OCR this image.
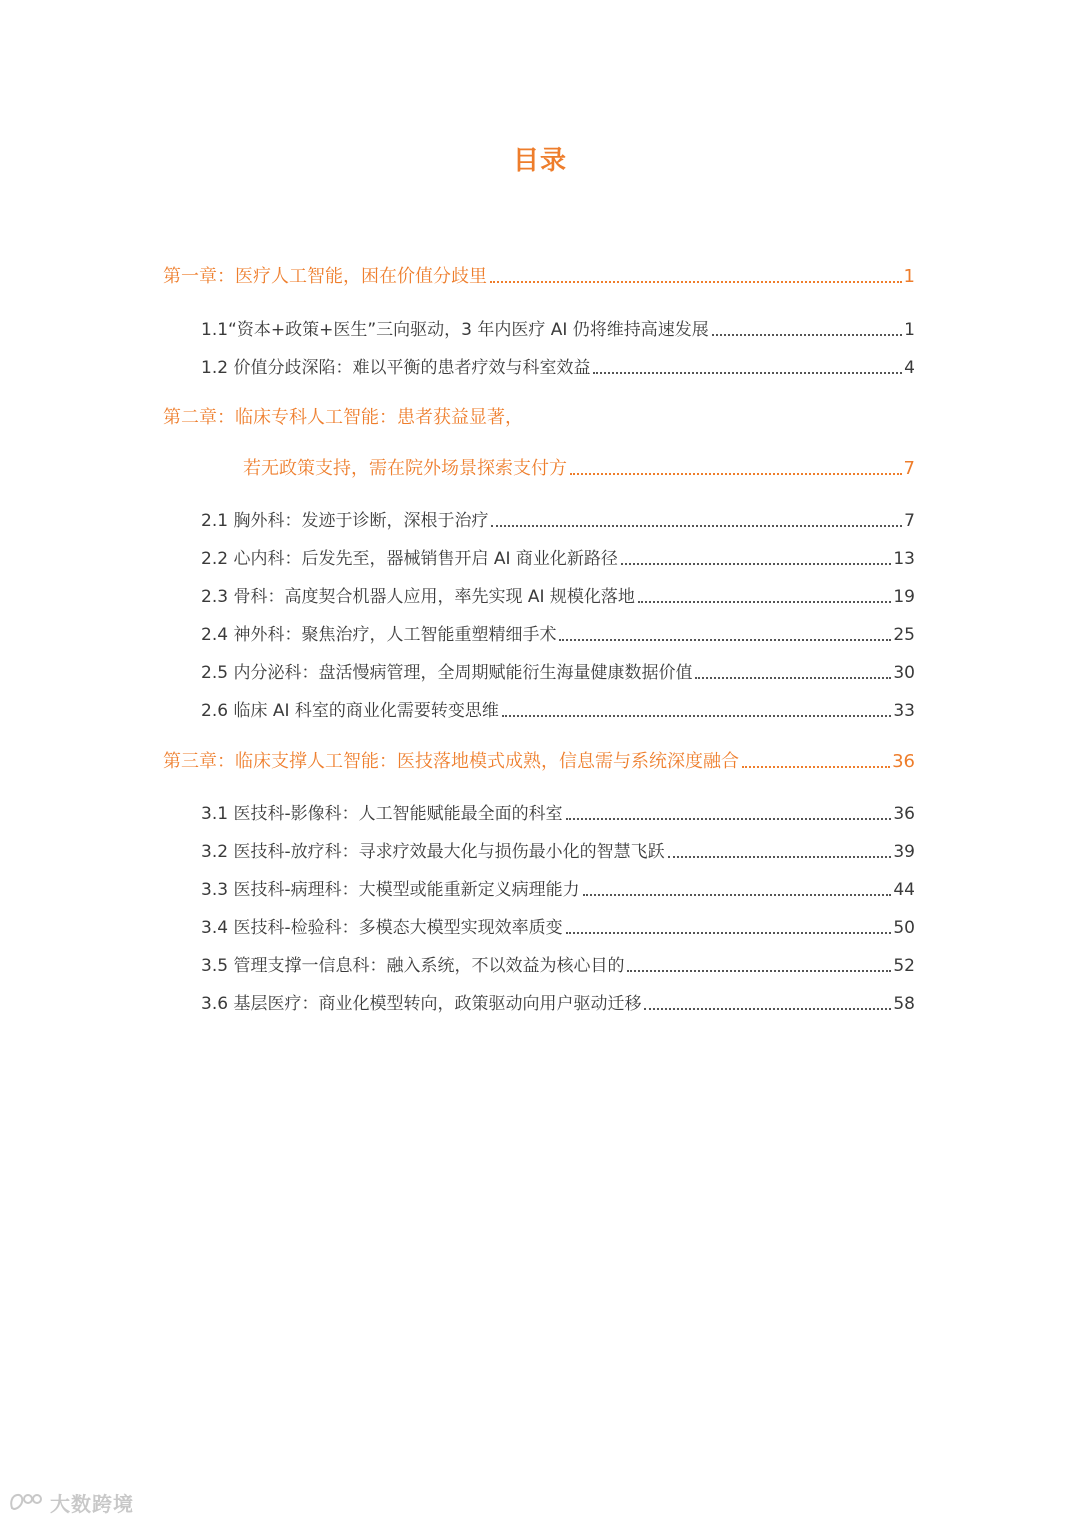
目录
第一章：医疗人工智能，困在价值分歧里	1
1.1“资本+政策+医生”三向驱动，3 年内医疗 AI 仍将维持高速发展	1
1.2 价值分歧深陷：难以平衡的患者疗效与科室效益	4
第二章：临床专科人工智能：患者获益显著，
若无政策支持，需在院外场景探索支付方	7
2.1 胸外科：发迹于诊断，深根于治疗	7
2.2 心内科：后发先至，器械销售开启 AI 商业化新路径	13
2.3 骨科：高度契合机器人应用，率先实现 AI 规模化落地	19
2.4 神外科：聚焦治疗，人工智能重塑精细手术	25
2.5 内分泌科：盘活慢病管理，全周期赋能衍生海量健康数据价值	30
2.6 临床 AI 科室的商业化需要转变思维	33
第三章：临床支撑人工智能：医技落地模式成熟，信息需与系统深度融合	36
3.1 医技科-影像科：人工智能赋能最全面的科室	36
3.2 医技科-放疗科：寻求疗效最大化与损伤最小化的智慧飞跃	39
3.3 医技科-病理科：大模型或能重新定义病理能力	44
3.4 医技科-检验科：多模态大模型实现效率质变	50
3.5 管理支撑一信息科：融入系统，不以效益为核心目的	52
3.6 基层医疗：商业化模型转向，政策驱动向用户驱动迁移	58
大数跨境
